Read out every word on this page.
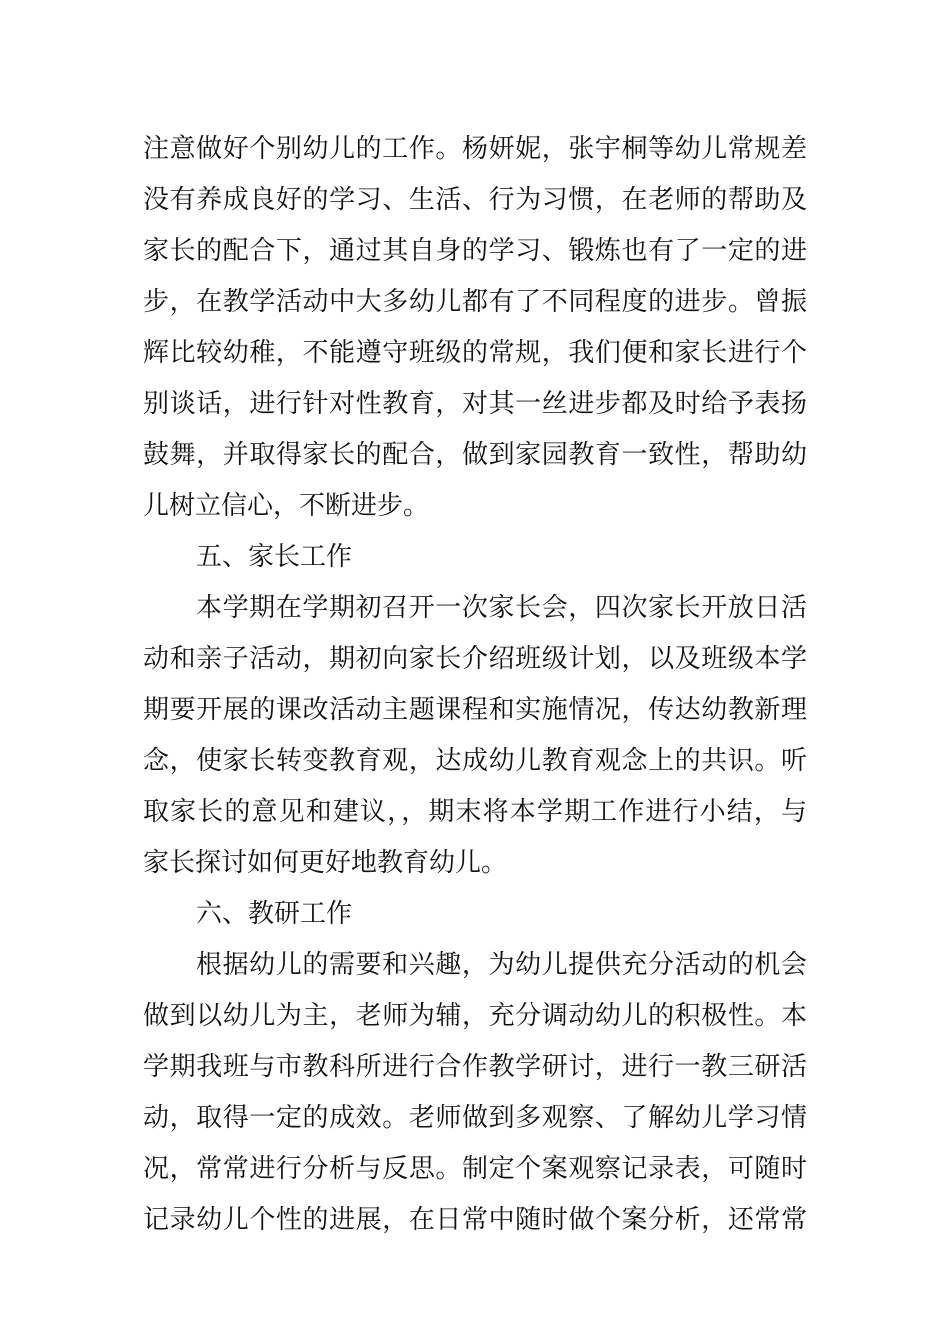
注意做好个别幼儿的工作。杨妍妮，张宇桐等幼儿常规差
没有养成良好的学习、生活、行为习惯，在老师的帮助及
家长的配合下，通过其自身的学习、锻炼也有了一定的进
步，在教学活动中大多幼儿都有了不同程度的进步。曾振
辉比较幼稚，不能遵守班级的常规，我们便和家长进行个
别谈话，进行针对性教育，对其一丝进步都及时给予表扬
鼓舞，并取得家长的配合，做到家园教育一致性，帮助幼
儿树立信心，不断进步。
五、家长工作
本学期在学期初召开一次家长会，四次家长开放日活
动和亲子活动，期初向家长介绍班级计划，以及班级本学
期要开展的课改活动主题课程和实施情况，传达幼教新理
念，使家长转变教育观，达成幼儿教育观念上的共识。听
取家长的意见和建议，，期末将本学期工作进行小结，与
家长探讨如何更好地教育幼儿。
六、教研工作
根据幼儿的需要和兴趣，为幼儿提供充分活动的机会
做到以幼儿为主，老师为辅，充分调动幼儿的积极性。本
学期我班与市教科所进行合作教学研讨，进行一教三研活
动，取得一定的成效。老师做到多观察、了解幼儿学习情
况，常常进行分析与反思。制定个案观察记录表，可随时
记录幼儿个性的进展，在日常中随时做个案分析，还常常
